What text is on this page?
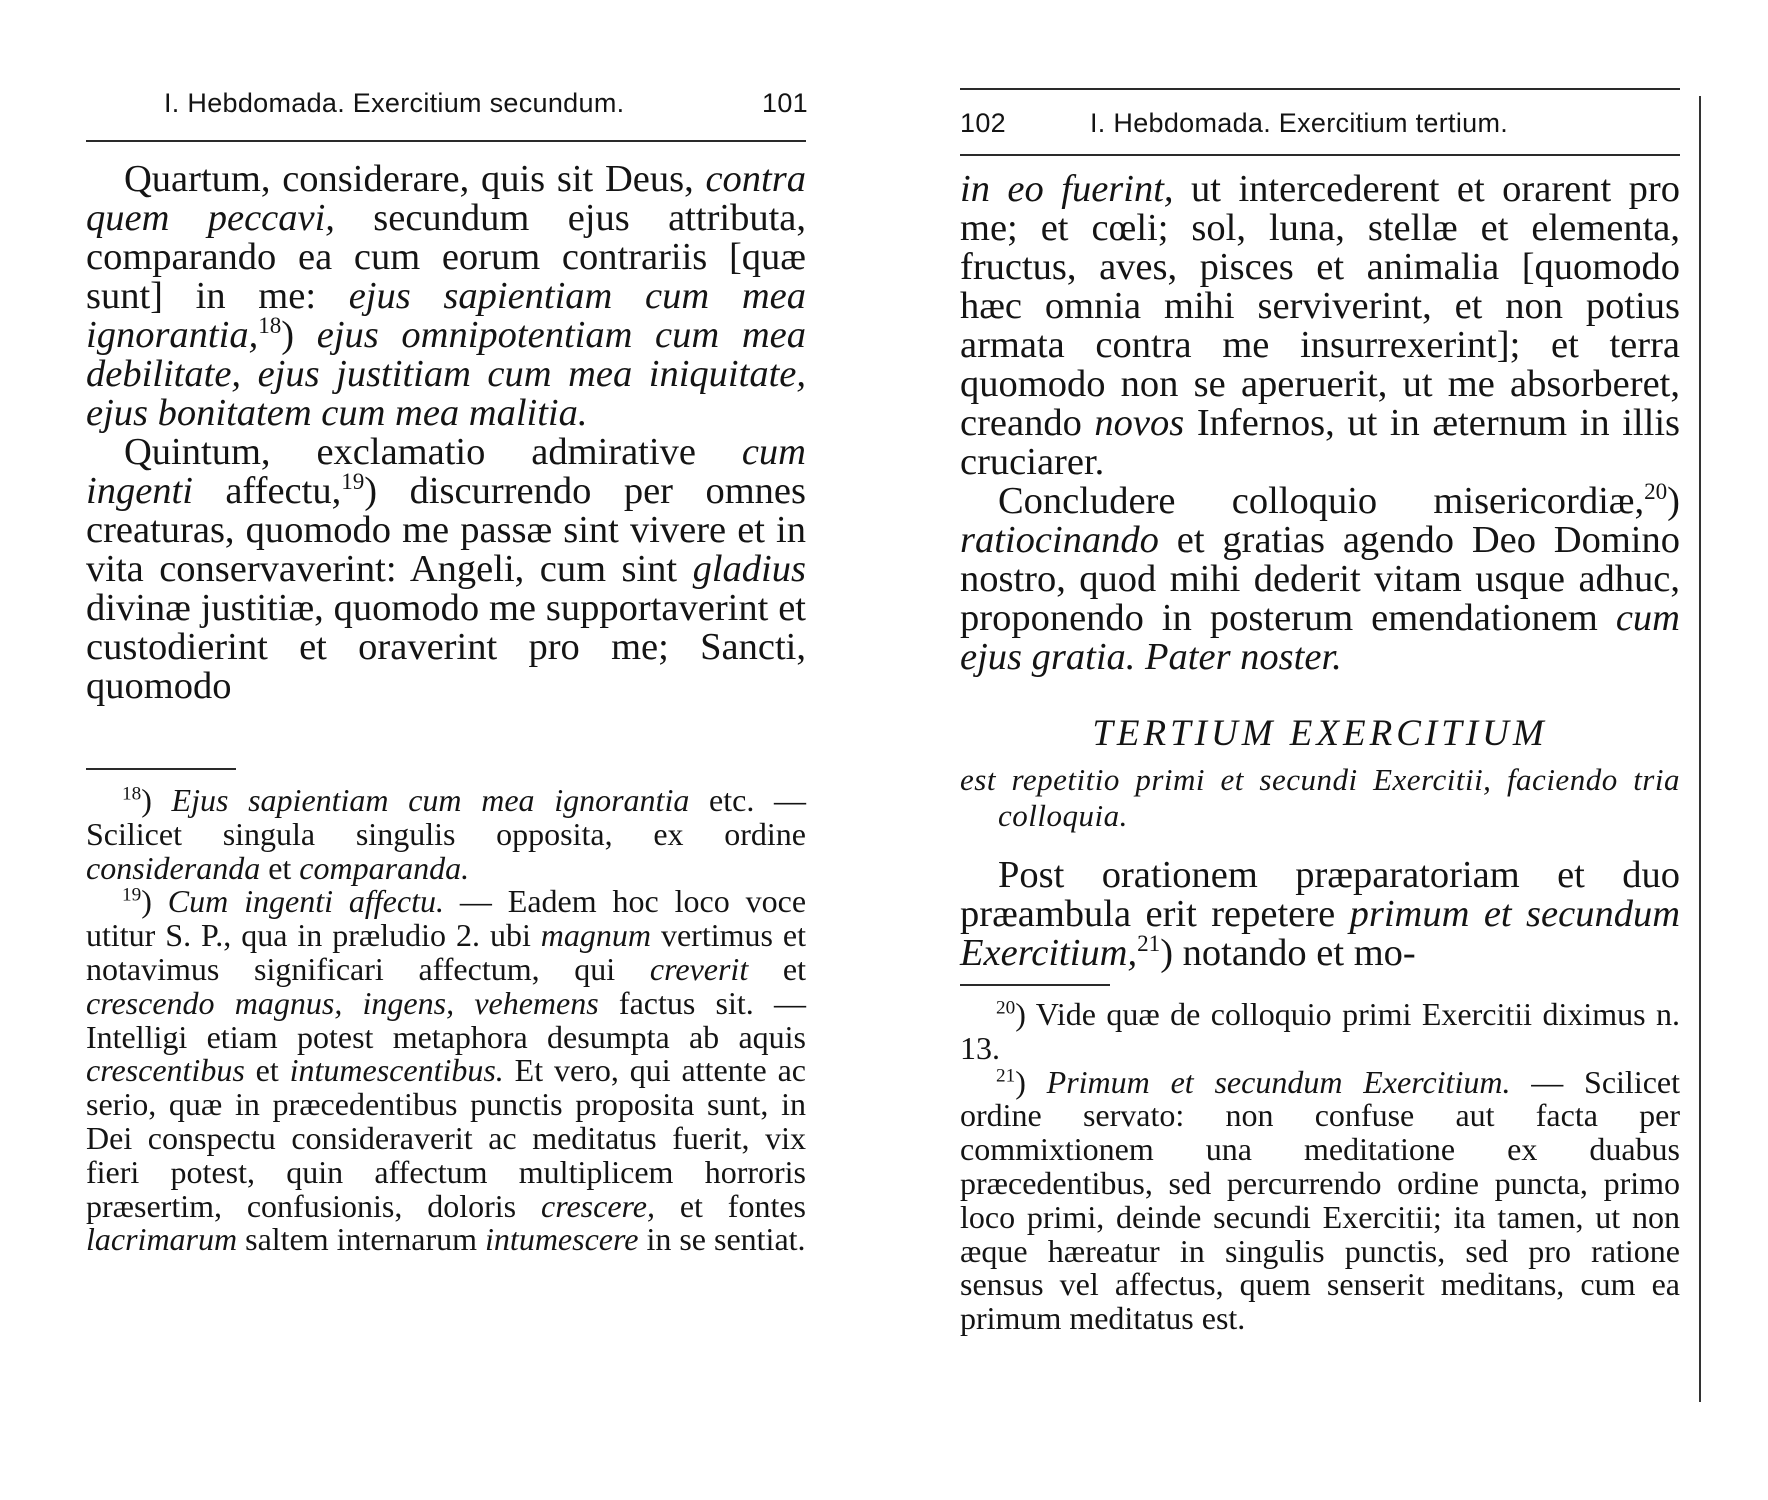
I. Hebdomada. Exercitium secundum.	101

Quartum, considerare, quis sit Deus, contra quem peccavi, secundum ejus attributa, comparando ea cum eorum contrariis [quæ sunt] in me: ejus sapientiam cum mea ignorantia,$^{18}$) ejus omnipotentiam cum mea debilitate, ejus justitiam cum mea iniquitate, ejus bonitatem cum mea malitia.

Quintum, exclamatio admirative cum ingenti affectu,$^{19}$) discurrendo per omnes creaturas, quomodo me passæ sint vivere et in vita conservaverint: Angeli, cum sint gladius divinæ justitiæ, quomodo me supportaverint et custodierint et oraverint pro me; Sancti, quomodo

$^{18}$) Ejus sapientiam cum mea ignorantia etc. — Scilicet singula singulis opposita, ex ordine consideranda et comparanda.

$^{19}$) Cum ingenti affectu. — Eadem hoc loco voce utitur S. P., qua in præludio 2. ubi magnum vertimus et notavimus significari affectum, qui creverit et crescendo magnus, ingens, vehemens factus sit. — Intelligi etiam potest metaphora desumpta ab aquis crescentibus et intumescentibus. Et vero, qui attente ac serio, quæ in præcedentibus punctis proposita sunt, in Dei conspectu consideraverit ac meditatus fuerit, vix fieri potest, quin affectum multiplicem horroris præsertim, confusionis, doloris crescere, et fontes lacrimarum saltem internarum intumescere in se sentiat.

102	I. Hebdomada. Exercitium tertium.

in eo fuerint, ut intercederent et orarent pro me; et cœli; sol, luna, stellæ et elementa, fructus, aves, pisces et animalia [quomodo hæc omnia mihi serviverint, et non potius armata contra me insurrexerint]; et terra quomodo non se aperuerit, ut me absorberet, creando novos Infernos, ut in æternum in illis cruciarer.

Concludere colloquio misericordiæ,$^{20}$) ratiocinando et gratias agendo Deo Domino nostro, quod mihi dederit vitam usque adhuc, proponendo in posterum emendationem cum ejus gratia. Pater noster.

TERTIUM EXERCITIUM
est repetitio primi et secundi Exercitii, faciendo tria colloquia.

Post orationem præparatoriam et duo præambula erit repetere primum et secundum Exercitium,$^{21}$) notando et mo-

$^{20}$) Vide quæ de colloquio primi Exercitii diximus n. 13.

$^{21}$) Primum et secundum Exercitium. — Scilicet ordine servato: non confuse aut facta per commixtionem una meditatione ex duabus præcedentibus, sed percurrendo ordine puncta, primo loco primi, deinde secundi Exercitii; ita tamen, ut non æque hæreatur in singulis punctis, sed pro ratione sensus vel affectus, quem senserit meditans, cum ea primum meditatus est.
